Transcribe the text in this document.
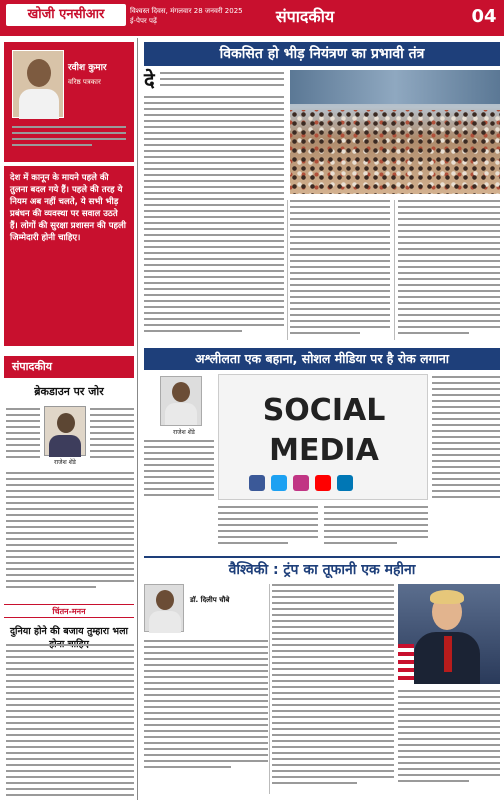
खोजी एनसीआर	विश्वस्त दिवस, मंगलवार 28 जनवरी 2025
ई-पेपर पढ़ें	संपादकीय	04
रवीश कुमार
वरिष्ठ पत्रकार
देश में कानून के मायने पहले की तुलना बदल गये हैं। पहले की तरह ये नियम अब नहीं चलते, ये सभी भीड़ प्रबंधन की व्यवस्था पर सवाल उठते हैं। लोगों की सुरक्षा प्रशासन की पहली जिम्मेदारी होनी चाहिए।
संपादकीय
ब्रेकडाउन पर जोर
राजेश शेंडे
चिंतन-मनन
दुनिया होने की बजाय तुम्हारा भला
विकसित हो भीड़ नियंत्रण का प्रभावी तंत्र
दे
अश्लीलता एक बहाना, सोशल मीडिया पर है रोक लगाना
राजेश शेंडे
SOCIAL
MEDIA
वैश्विकी : ट्रंप का तूफानी एक महीना
डॉ. दिलीप चौबे
